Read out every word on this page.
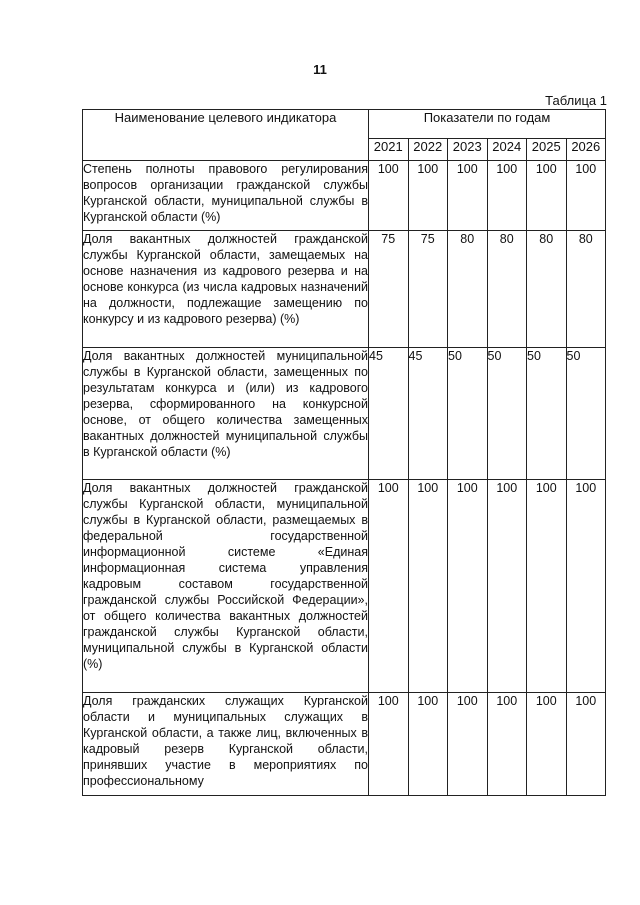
11
Таблица 1
Наименование целевого индикатора	Показатели по годам					
	2021	2022	2023	2024	2025	2026
Степень полноты правового регулирования вопросов организации гражданской службы Курганской области, муниципальной службы в Курганской области (%)	100	100	100	100	100	100
Доля вакантных должностей гражданской службы Курганской области, замещаемых на основе назначения из кадрового резерва и на основе конкурса (из числа кадровых назначений на должности, подлежащие замещению по конкурсу и из кадрового резерва) (%)	75	75	80	80	80	80
Доля вакантных должностей муниципальной службы в Курганской области, замещенных по результатам конкурса и (или) из кадрового резерва, сформированного на конкурсной основе, от общего количества замещенных вакантных должностей муниципальной службы в Курганской области (%)	45	45	50	50	50	50
Доля вакантных должностей гражданской службы Курганской области, муниципальной службы в Курганской области, размещаемых в федеральной государственной информационной системе «Единая информационная система управления кадровым составом государственной гражданской службы Российской Федерации», от общего количества вакантных должностей гражданской службы Курганской области, муниципальной службы в Курганской области (%)	100	100	100	100	100	100
Доля гражданских служащих Курганской области и муниципальных служащих в Курганской области, а также лиц, включенных в кадровый резерв Курганской области, принявших участие в мероприятиях по профессиональному	100	100	100	100	100	100
